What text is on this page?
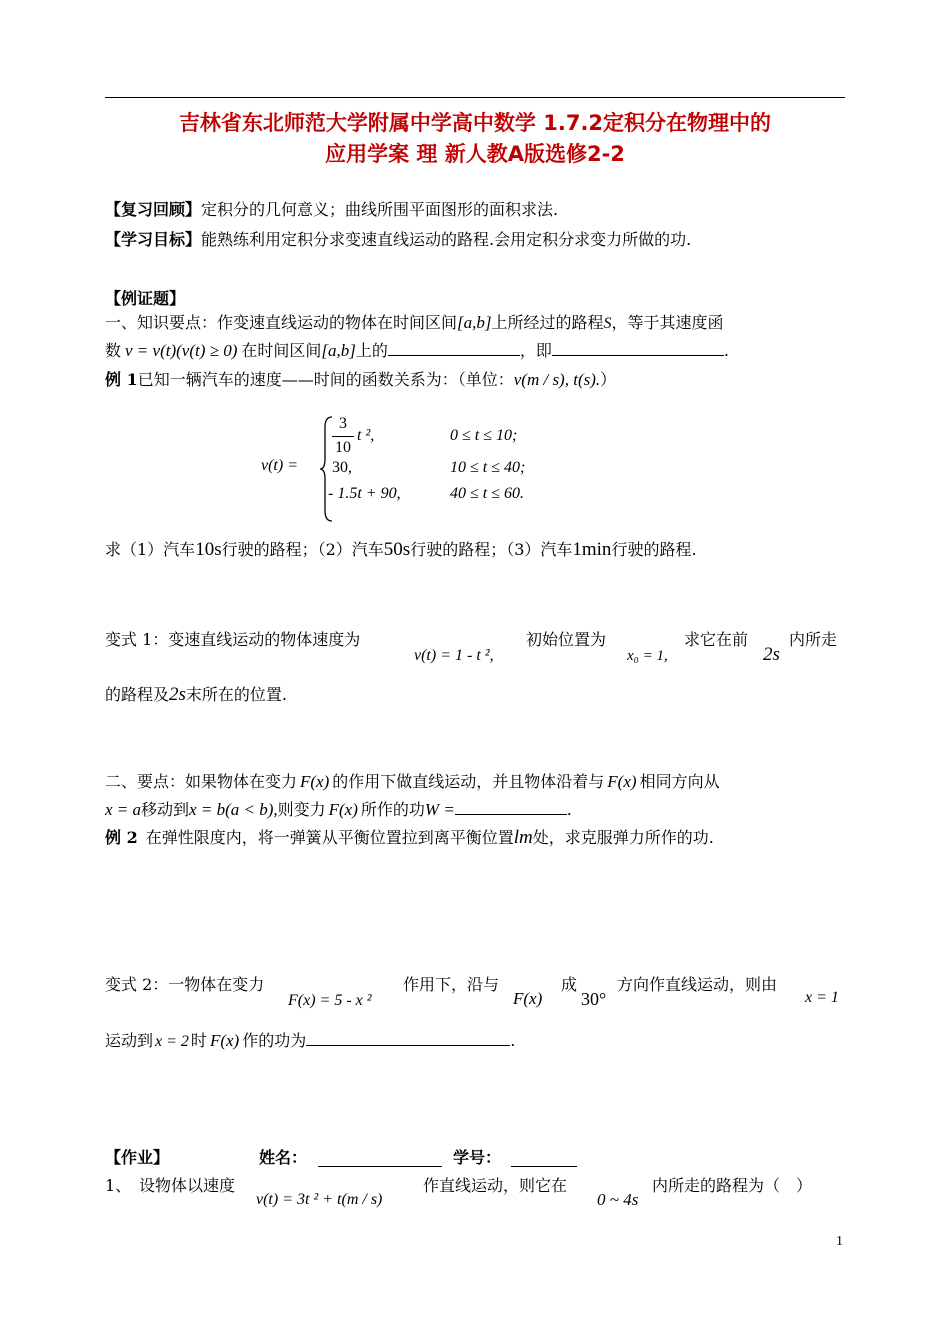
吉林省东北师范大学附属中学高中数学 1.7.2定积分在物理中的
应用学案 理 新人教A版选修2-2
【复习回顾】定积分的几何意义；曲线所围平面图形的面积求法.
【学习目标】能熟练利用定积分求变速直线运动的路程.会用定积分求变力所做的功.
【例证题】
一、知识要点：作变速直线运动的物体在时间区间[a,b]上所经过的路程S，等于其速度函
数 v = v(t)(v(t) ≥ 0) 在时间区间[a,b]上的	，即	.
例 1已知一辆汽车的速度——时间的函数关系为：（单位：v(m / s), t(s).）
v(t) =
3
10
t ²,	0 ≤ t ≤ 10;
30,	10 ≤ t ≤ 40;
- 1.5t + 90,	40 ≤ t ≤ 60.
求（1）汽车10s行驶的路程；（2）汽车50s行驶的路程；（3）汽车1min行驶的路程.
变式 1：变速直线运动的物体速度为
v(t) = 1 - t ²,
初始位置为
x₀ = 1,
求它在前
2s
内所走
的路程及2s末所在的位置.
二、要点：如果物体在变力 F(x) 的作用下做直线运动，并且物体沿着与 F(x) 相同方向从
x = a移动到x = b(a < b),则变力 F(x) 所作的功W =	.
例 2 在弹性限度内，将一弹簧从平衡位置拉到离平衡位置lm处，求克服弹力所作的功.
变式 2：一物体在变力
F(x) = 5 - x ²
作用下，沿与
F(x)
成
30°
方向作直线运动，则由
x = 1
运动到 x = 2 时 F(x) 作的功为	.
【作业】	姓名：	学号：
1、 设物体以速度
v(t) = 3t ² + t(m / s)
作直线运动，则它在
0 ~ 4s
内所走的路程为（　）
1
